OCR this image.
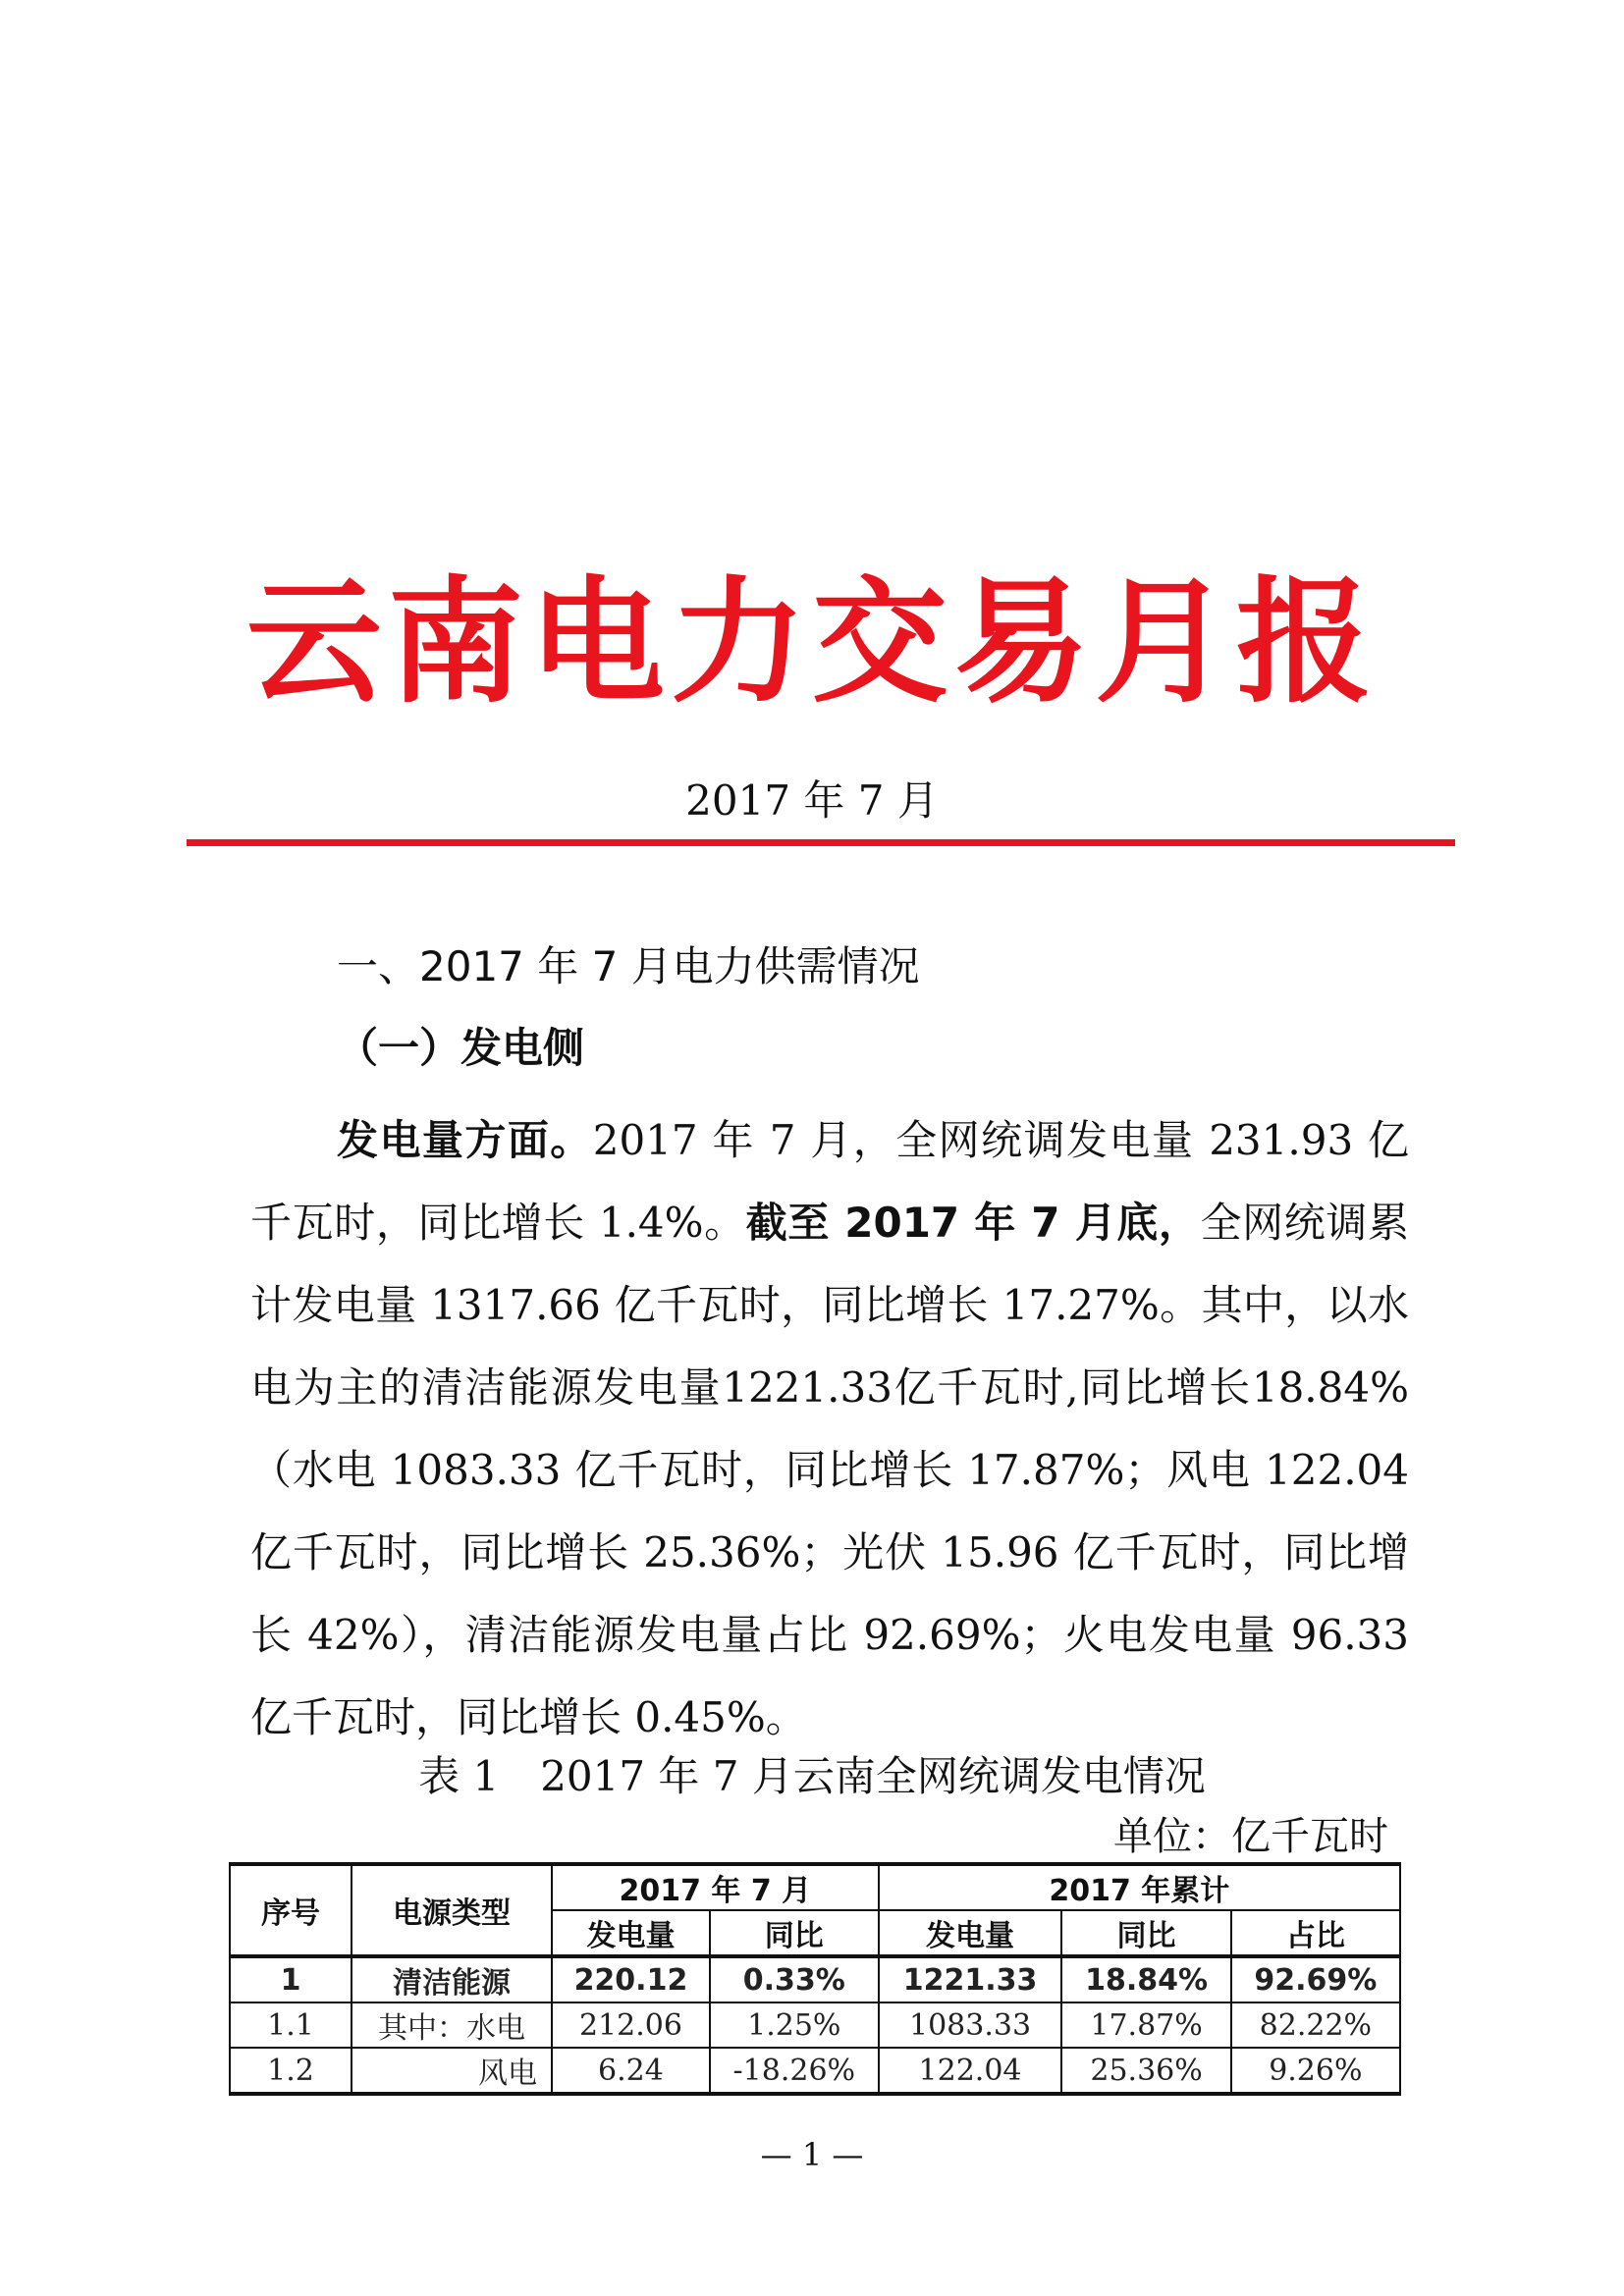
云南电力交易月报
2017 年 7 月
一、2017 年 7 月电力供需情况
（一）发电侧
发电量方面。2017 年 7 月，全网统调发电量 231.93 亿
千瓦时，同比增长 1.4%。截至 2017 年 7 月底，全网统调累
计发电量 1317.66 亿千瓦时，同比增长 17.27%。其中，以水
电为主的清洁能源发电量1221.33亿千瓦时,同比增长18.84%
（水电 1083.33 亿千瓦时，同比增长 17.87%；风电 122.04
亿千瓦时，同比增长 25.36%；光伏 15.96 亿千瓦时，同比增
长 42%），清洁能源发电量占比 92.69%；火电发电量 96.33
亿千瓦时，同比增长 0.45%。
表 1　2017 年 7 月云南全网统调发电情况
单位：亿千瓦时
序号	电源类型	2017 年 7 月		2017 年累计		
		发电量	同比	发电量	同比	占比
1	清洁能源	220.12	0.33%	1221.33	18.84%	92.69%
1.1	其中：水电	212.06	1.25%	1083.33	17.87%	82.22%
1.2	风电	6.24	-18.26%	122.04	25.36%	9.26%
— 1 —
